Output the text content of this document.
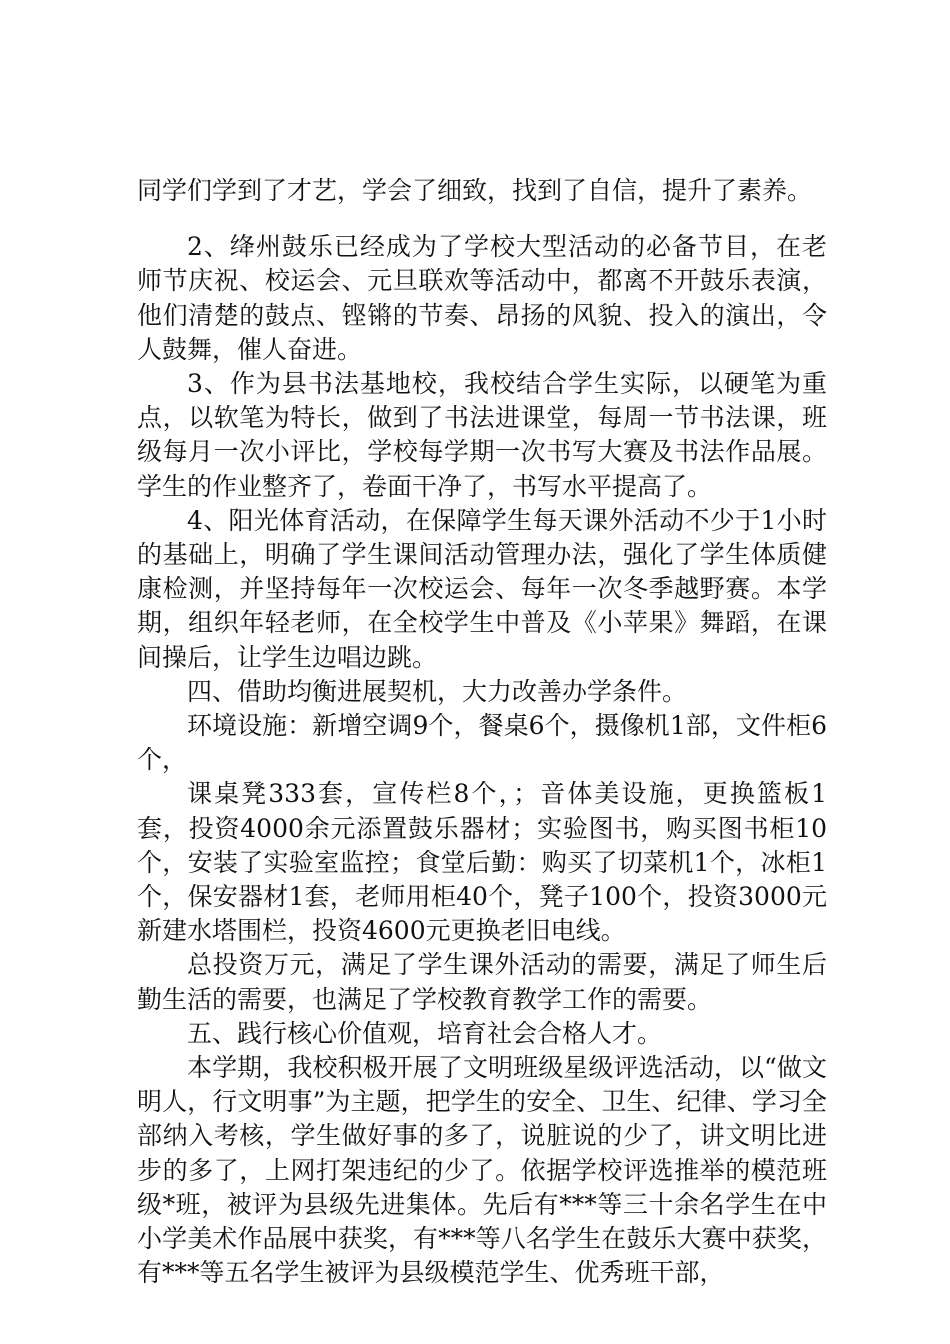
同学们学到了才艺，学会了细致，找到了自信，提升了素养。

2、绛州鼓乐已经成为了学校大型活动的必备节目，在老师节庆祝、校运会、元旦联欢等活动中，都离不开鼓乐表演，他们清楚的鼓点、铿锵的节奏、昂扬的风貌、投入的演出，令人鼓舞，催人奋进。

3、作为县书法基地校，我校结合学生实际，以硬笔为重点，以软笔为特长，做到了书法进课堂，每周一节书法课，班级每月一次小评比，学校每学期一次书写大赛及书法作品展。学生的作业整齐了，卷面干净了，书写水平提高了。

4、阳光体育活动，在保障学生每天课外活动不少于1小时的基础上，明确了学生课间活动管理办法，强化了学生体质健康检测，并坚持每年一次校运会、每年一次冬季越野赛。本学期，组织年轻老师，在全校学生中普及《小苹果》舞蹈，在课间操后，让学生边唱边跳。

四、借助均衡进展契机，大力改善办学条件。

环境设施：新增空调9个，餐桌6个，摄像机1部，文件柜6个，

课桌凳333套，宣传栏8个，；音体美设施，更换篮板1套，投资4000余元添置鼓乐器材；实验图书，购买图书柜10个，安装了实验室监控；食堂后勤：购买了切菜机1个，冰柜1个，保安器材1套，老师用柜40个，凳子100个，投资3000元新建水塔围栏，投资4600元更换老旧电线。

总投资万元，满足了学生课外活动的需要，满足了师生后勤生活的需要，也满足了学校教育教学工作的需要。

五、践行核心价值观，培育社会合格人才。

本学期，我校积极开展了文明班级星级评选活动，以“做文明人，行文明事”为主题，把学生的安全、卫生、纪律、学习全部纳入考核，学生做好事的多了，说脏说的少了，讲文明比进步的多了，上网打架违纪的少了。依据学校评选推举的模范班级*班，被评为县级先进集体。先后有***等三十余名学生在中小学美术作品展中获奖，有***等八名学生在鼓乐大赛中获奖，有***等五名学生被评为县级模范学生、优秀班干部，
